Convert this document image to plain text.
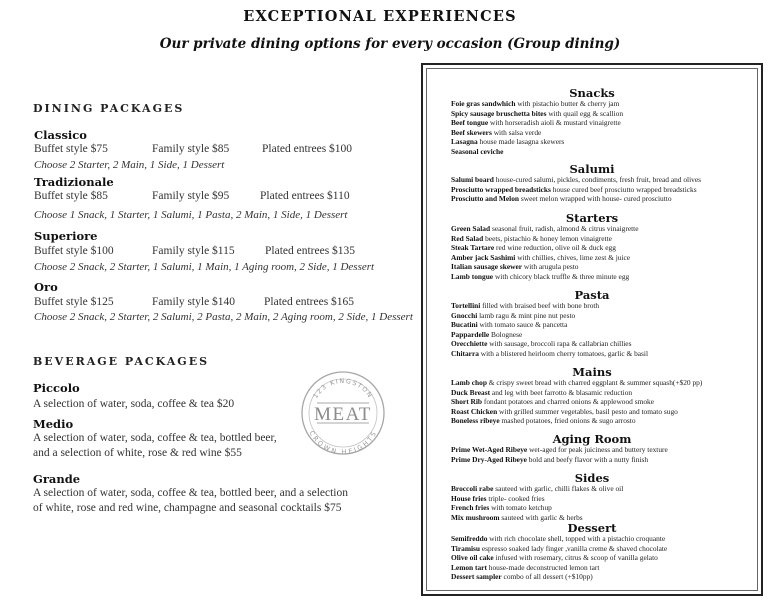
EXCEPTIONAL EXPERIENCES
Our private dining options for every occasion (Group dining)
DINING PACKAGES
Classico
Buffet style $75	Family style $85	Plated entrees $100
Choose 2 Starter, 2 Main, 1 Side, 1 Dessert
Tradizionale
Buffet style $85	Family style $95	Plated entrees $110
Choose 1 Snack, 1 Starter, 1 Salumi, 1 Pasta, 2 Main, 1 Side, 1 Dessert
Superiore
Buffet style $100	Family style $115	Plated entrees $135
Choose 2 Snack, 2 Starter, 1 Salumi, 1 Main, 1 Aging room, 2 Side, 1 Dessert
Oro
Buffet style $125	Family style $140	Plated entrees $165
Choose 2 Snack, 2 Starter, 2 Salumi, 2 Pasta, 2 Main, 2 Aging room, 2 Side, 1 Dessert
BEVERAGE PACKAGES
Piccolo
A selection of water, soda, coffee & tea $20
Medio
A selection of water, soda, coffee & tea, bottled beer,
and a selection of white, rose & red wine $55
Grande
A selection of water, soda, coffee & tea, bottled beer, and a selection
of white, rose and red wine, champagne and seasonal cocktails $75
123 KINGSTON
MEAT
CROWN HEIGHTS
Snacks
Foie gras sandwhich with pistachio butter & cherry jam
Spicy sausage bruschetta bites with quail egg & scallion
Beef tongue with horseradish aioli & mustard vinaigrette
Beef skewers with salsa verde
Lasagna house made lasagna skewers
Seasonal ceviche
Salumi
Salumi board house-cured salumi, pickles, condiments, fresh fruit, bread and olives
Prosciutto wrapped breadsticks house cured beef prosciutto wrapped breadsticks
Prosciutto and Melon sweet melon wrapped with house- cured prosciutto
Starters
Green Salad seasonal fruit, radish, almond & citrus vinaigrette
Red Salad beets, pistachio & honey lemon vinaigrette
Steak Tartare red wine reduction, olive oil & duck egg
Amber jack Sashimi with chillies, chives, lime zest & juice
Italian sausage skewer with arugula pesto
Lamb tongue with chicory black truffle & three minute egg
Pasta
Tortellini filled with braised beef with bone broth
Gnocchi lamb ragu & mint pine nut pesto
Bucatini with tomato sauce & pancetta
Pappardelle Bolognese
Orecchiette with sausage, broccoli rapa & callabrian chillies
Chitarra with a blistered heirloom cherry tomatoes, garlic & basil
Mains
Lamb chop & crispy sweet bread with charred eggplant & summer squash(+$20 pp)
Duck Breast and leg with beet farrotto & blasamic reduction
Short Rib fondant potatoes and charred onions & applewood smoke
Roast Chicken with grilled summer vegetables, basil pesto and tomato sugo
Boneless ribeye mashed potatoes, fried onions & sugo arrosto
Aging Room
Prime Wet-Aged Ribeye wet-aged for peak juiciness and buttery texture
Prime Dry-Aged Ribeye bold and beefy flavor with a nutty finish
Sides
Broccoli rabe sauteed with garlic, chilli flakes & olive oil
House fries triple- cooked fries
French fries with tomato ketchup
Mix mushroom sauteed with garlic & herbs
Dessert
Semifreddo with rich chocolate shell, topped with a pistachio croquante
Tiramisu espresso soaked lady finger ,vanilla creme & shaved chocolate
Olive oil cake infused with rosemary, citrus & scoop of vanilla gelato
Lemon tart house-made deconstructed lemon tart
Dessert sampler combo of all dessert (+$10pp)
